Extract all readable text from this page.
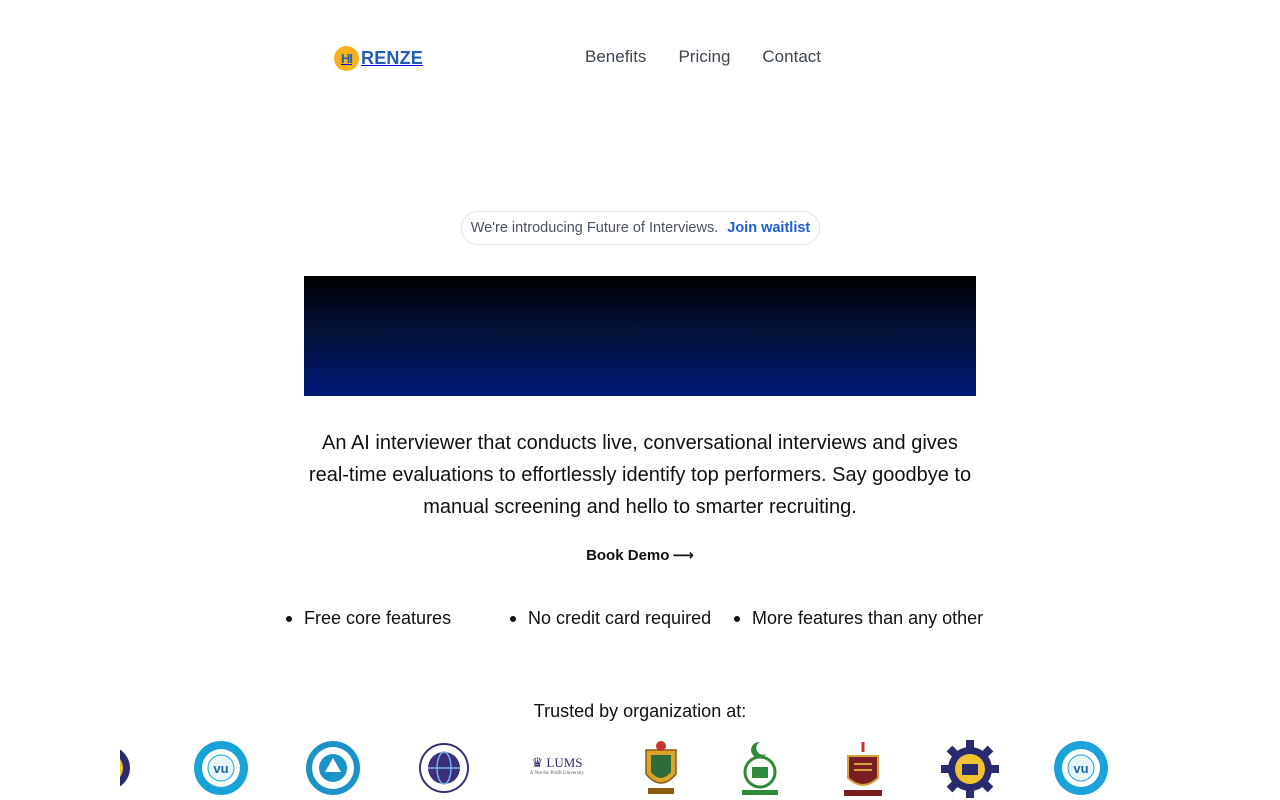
HI RENZE	Benefits Pricing Contact
We're introducing Future of Interviews. Join waitlist

An AI interviewer that conducts live, conversational interviews and gives real-time evaluations to effortlessly identify top performers. Say goodbye to manual screening and hello to smarter recruiting.

Book Demo ⟶
Free core features	No credit card required More features than any other
Trusted by organization at:
vu	♛ LUMS
A Not for Profit University	vu
